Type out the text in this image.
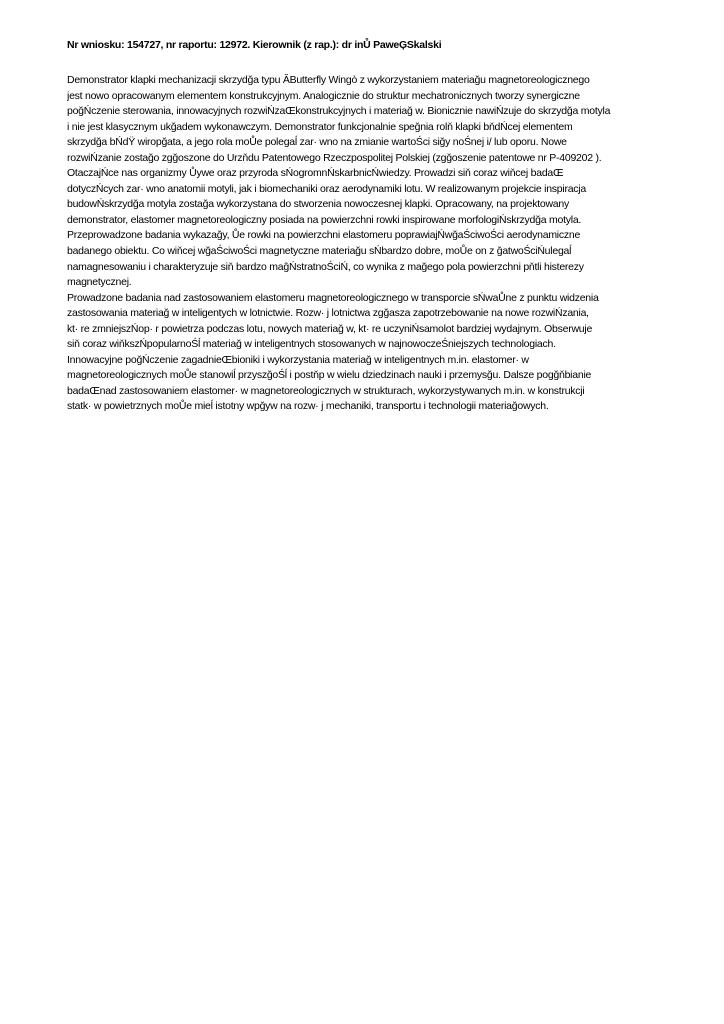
Nr wniosku: 154727, nr raportu: 12972. Kierownik (z rap.): dr inŮ PaweĢSkalski
Demonstrator klapki mechanizacji skrzydğa typu ĂButterfly Wingò z wykorzystaniem materiağu magnetoreologicznego
jest nowo opracowanym elementem konstrukcyjnym. Analogicznie do struktur mechatronicznych tworzy synergiczne
poğŃczenie sterowania, innowacyjnych rozwiŃzaŒkonstrukcyjnych i materiağ w. Bionicznie nawiŃzuje do skrzydğa motyla
i nie jest klasycznym ukğadem wykonawczym. Demonstrator funkcjonalnie speğnia rolň klapki bňdŃcej elementem
skrzydğa bŃdŸ wiropğata, a jego rola moŮe polegaĺ zar· wno na zmianie wartoŚci siğy noŚnej i/ lub oporu. Nowe
rozwiŃzanie zostağo zgğoszone do Urzňdu Patentowego Rzeczpospolitej Polskiej (zgğoszenie patentowe nr P-409202 ).
OtaczajŃce nas organizmy Ůywe oraz przyroda sŃogromnŃskarbnicŃwiedzy. Prowadzi siň coraz wiňcej badaŒ
dotyczŃcych zar· wno anatomii motyli, jak i biomechaniki oraz aerodynamiki lotu. W realizowanym projekcie inspiracja
budowŃskrzydğa motyla zostağa wykorzystana do stworzenia nowoczesnej klapki. Opracowany, na projektowany
demonstrator, elastomer magnetoreologiczny posiada na powierzchni rowki inspirowane morfologiŃskrzydğa motyla.
Przeprowadzone badania wykazağy, Ůe rowki na powierzchni elastomeru poprawiajŃwğaŚciwoŚci aerodynamiczne
badanego obiektu. Co wiňcej wğaŚciwoŚci magnetyczne materiağu sŃbardzo dobre, moŮe on z ğatwoŚciŃulegaĺ
namagnesowaniu i charakteryzuje siň bardzo maĝŃstratnoŚciŃ, co wynika z mağego pola powierzchni pňtli histerezy
magnetycznej.
Prowadzone badania nad zastosowaniem elastomeru magnetoreologicznego w transporcie sŃwaŮne z punktu widzenia
zastosowania materiağ w inteligentych w lotnictwie. Rozw· j lotnictwa zgğasza zapotrzebowanie na nowe rozwiŃzania,
kt· re zmniejszŃop· r powietrza podczas lotu, nowych materiağ w, kt· re uczyniŃsamolot bardziej wydajnym. Obserwuje
siň coraz wiňkszŃpopularnoŚĺ materiağ w inteligentnych stosowanych w najnowoczeŚniejszych technologiach.
Innowacyjne poğŃczenie zagadnieŒbioniki i wykorzystania materiağ w inteligentnych m.in. elastomer· w
magnetoreologicznych moŮe stanowiĺ przyszğoŚĺ i postňp w wielu dziedzinach nauki i przemysğu. Dalsze pogğňbianie
badaŒnad zastosowaniem elastomer· w magnetoreologicznych w strukturach, wykorzystywanych m.in. w konstrukcji
statk· w powietrznych moŮe mieĺ istotny wpğyw na rozw· j mechaniki, transportu i technologii materiağowych.
